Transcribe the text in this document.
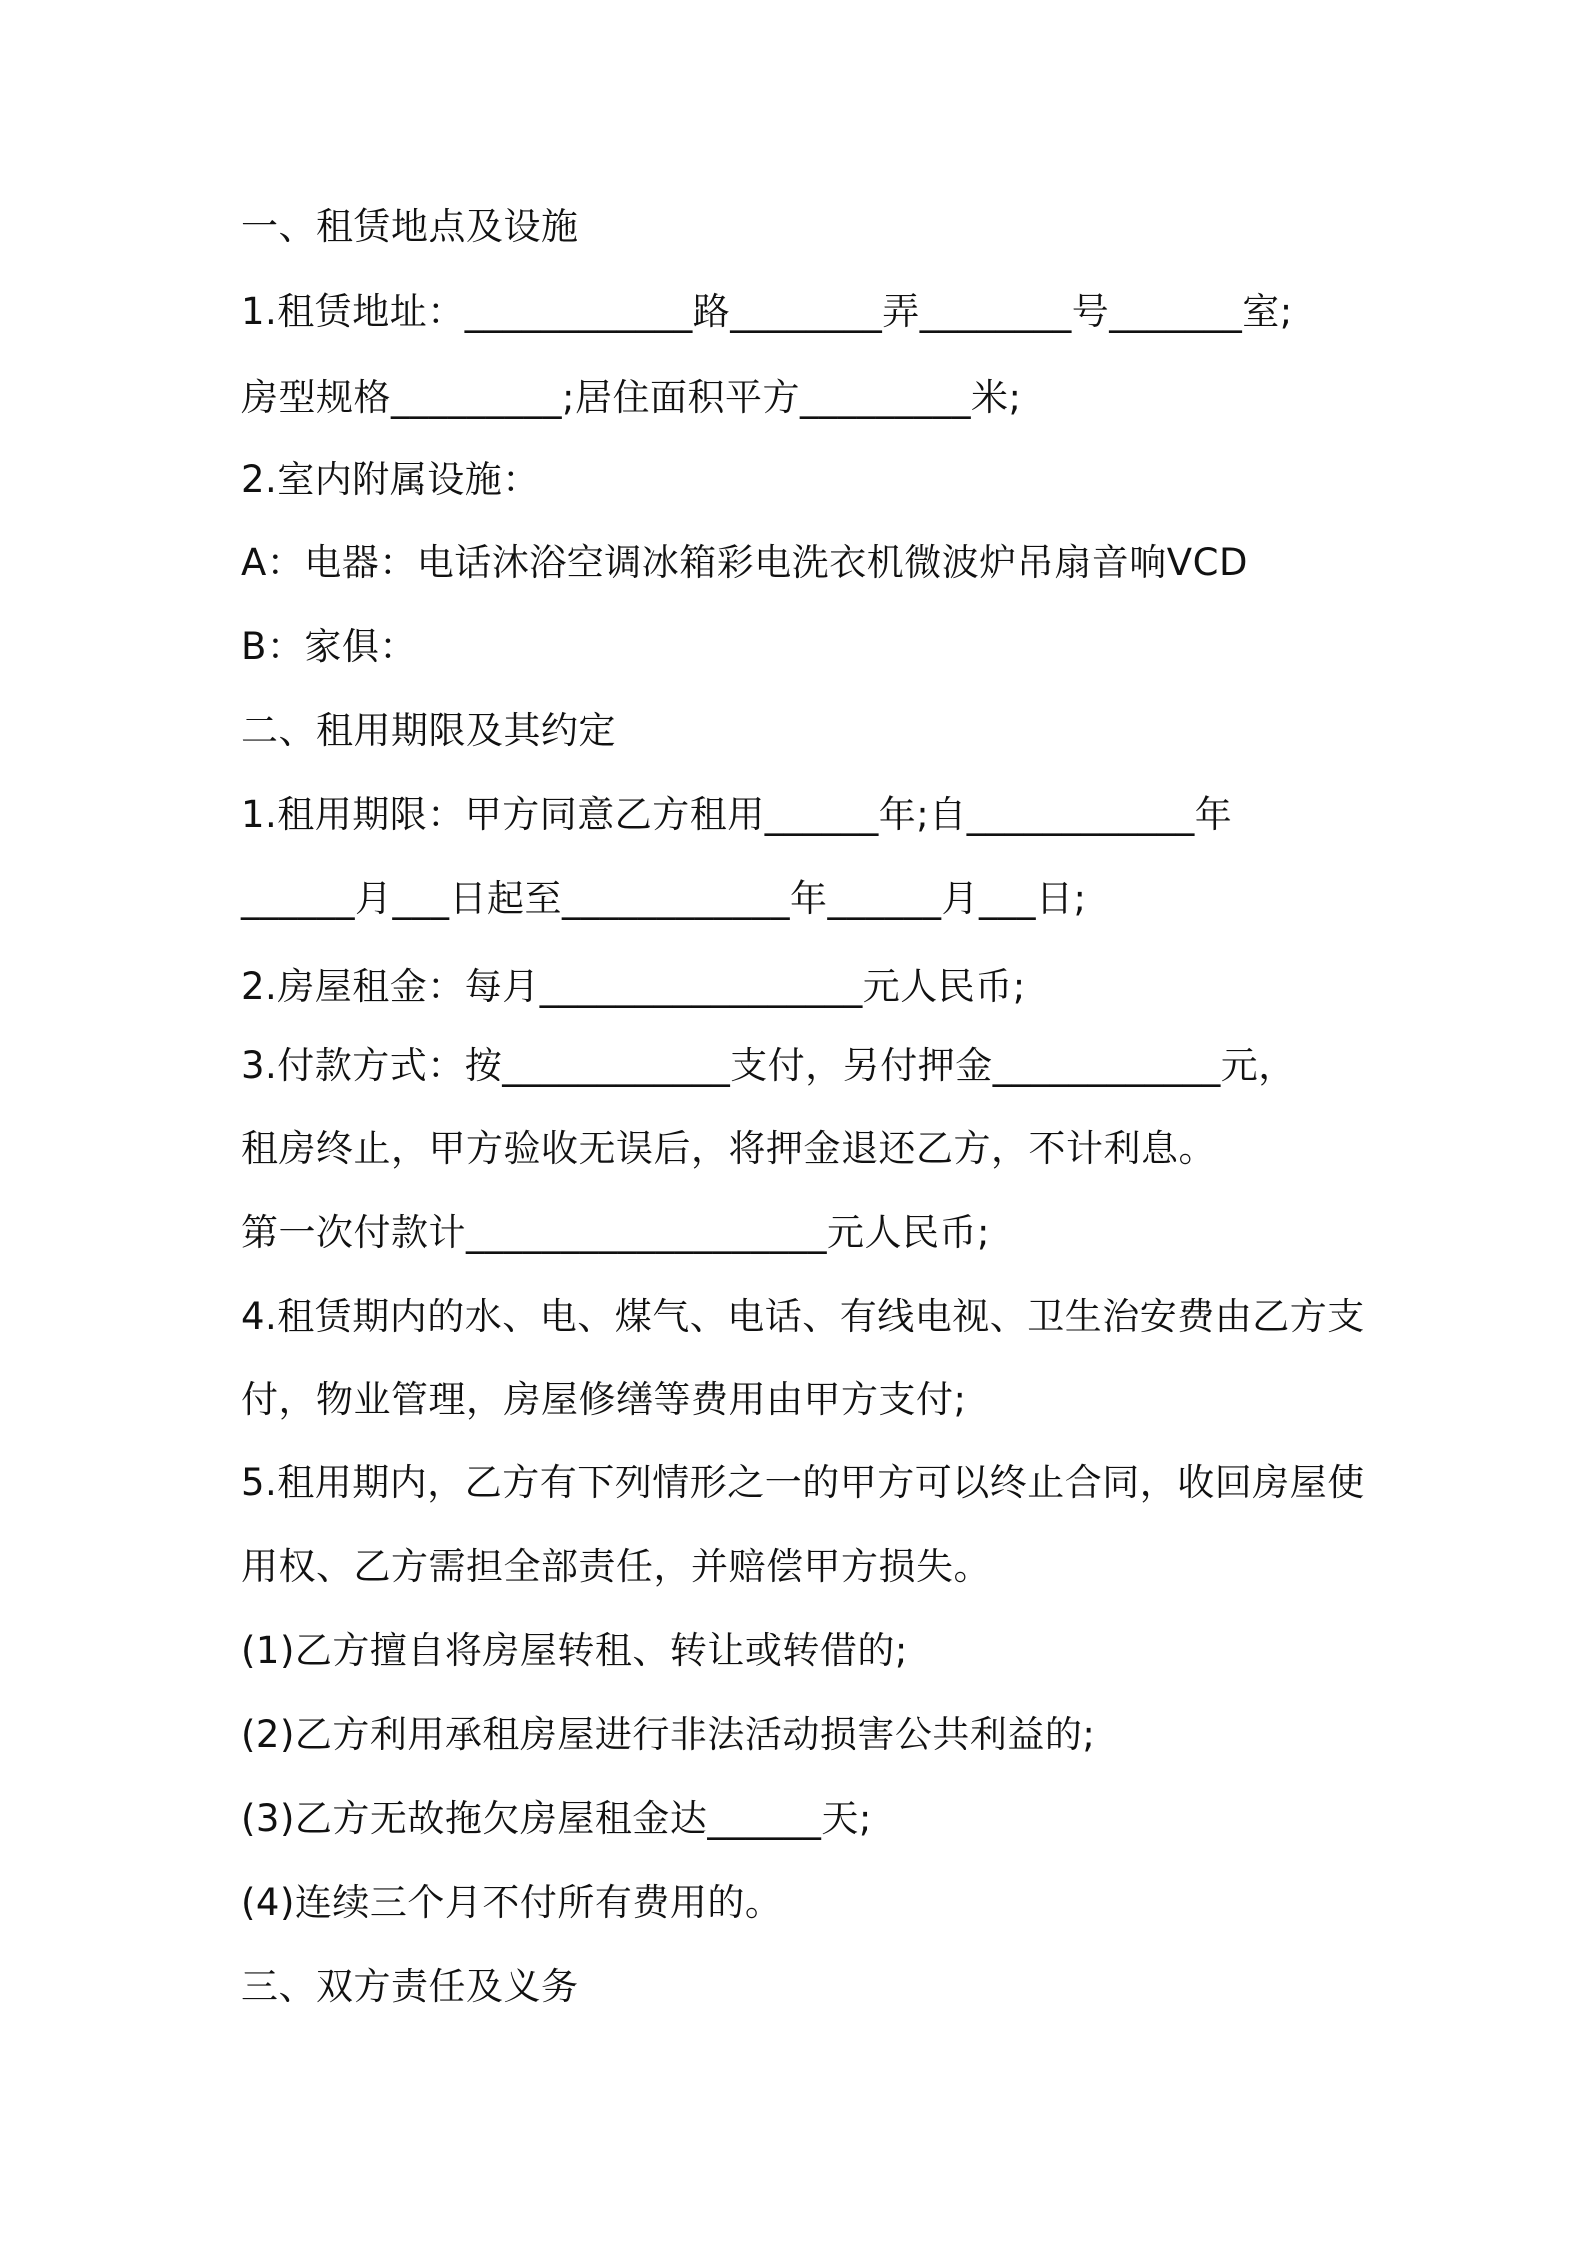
一、租赁地点及设施
1.租赁地址：____________路________弄________号_______室;
房型规格_________;居住面积平方_________米;
2.室内附属设施：
A：电器：电话沐浴空调冰箱彩电洗衣机微波炉吊扇音响VCD
B：家俱：
二、租用期限及其约定
1.租用期限：甲方同意乙方租用______年;自____________年
______月___日起至____________年______月___日;
2.房屋租金：每月_________________元人民币;
3.付款方式：按____________支付，另付押金____________元，
租房终止，甲方验收无误后，将押金退还乙方，不计利息。
第一次付款计___________________元人民币;
4.租赁期内的水、电、煤气、电话、有线电视、卫生治安费由乙方支
付，物业管理，房屋修缮等费用由甲方支付;
5.租用期内，乙方有下列情形之一的甲方可以终止合同，收回房屋使
用权、乙方需担全部责任，并赔偿甲方损失。
(1)乙方擅自将房屋转租、转让或转借的;
(2)乙方利用承租房屋进行非法活动损害公共利益的;
(3)乙方无故拖欠房屋租金达______天;
(4)连续三个月不付所有费用的。
三、双方责任及义务
